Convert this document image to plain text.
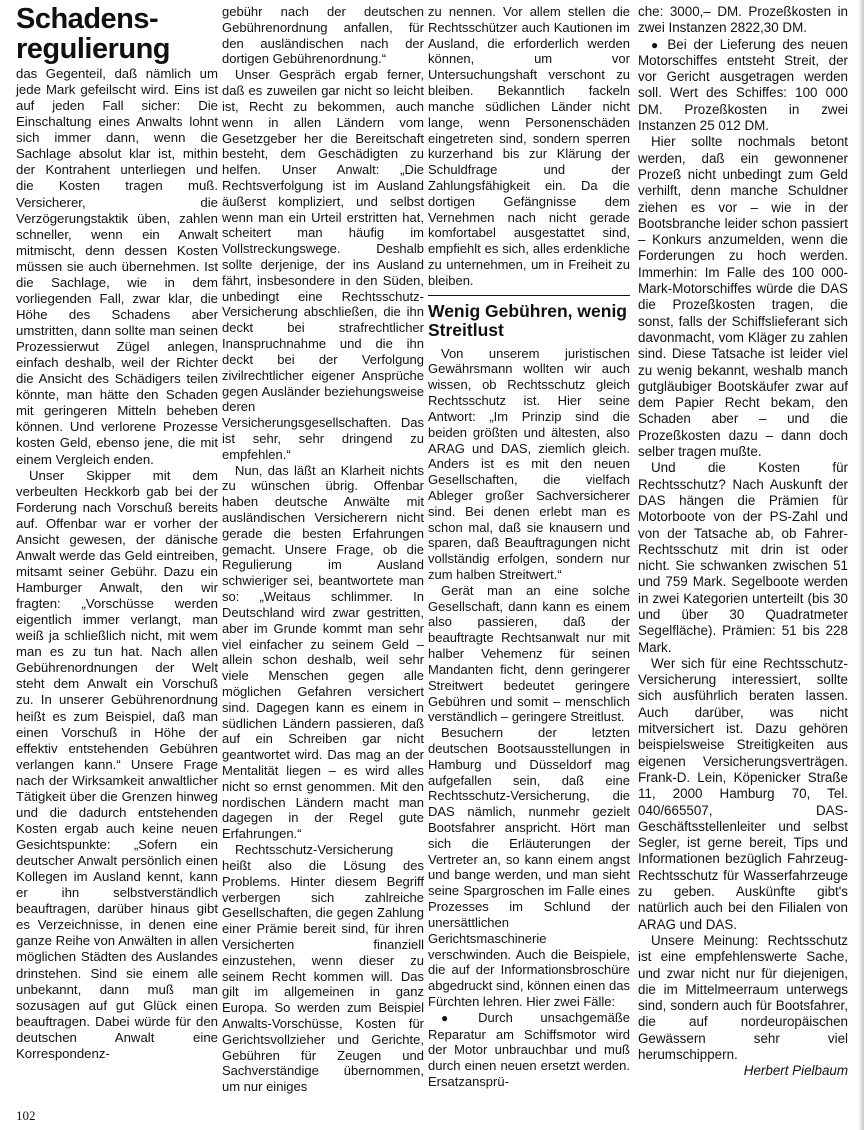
Schadens-
regulierung

das Gegenteil, daß nämlich um jede Mark gefeilscht wird. Eins ist auf jeden Fall sicher: Die Einschaltung eines Anwalts lohnt sich immer dann, wenn die Sachlage absolut klar ist, mithin der Kontrahent unterliegen und die Kosten tragen muß. Versicherer, die Verzögerungstaktik üben, zahlen schneller, wenn ein Anwalt mitmischt, denn dessen Kosten müssen sie auch übernehmen. Ist die Sachlage, wie in dem vorliegenden Fall, zwar klar, die Höhe des Schadens aber umstritten, dann sollte man seinen Prozessierwut Zügel anlegen, einfach deshalb, weil der Richter die Ansicht des Schädigers teilen könnte, man hätte den Schaden mit geringeren Mitteln beheben können. Und verlorene Prozesse kosten Geld, ebenso jene, die mit einem Vergleich enden.

Unser Skipper mit dem verbeulten Heckkorb gab bei der Forderung nach Vorschuß bereits auf. Offenbar war er vorher der Ansicht gewesen, der dänische Anwalt werde das Geld eintreiben, mitsamt seiner Gebühr. Dazu ein Hamburger Anwalt, den wir fragten: „Vorschüsse werden eigentlich immer verlangt, man weiß ja schließlich nicht, mit wem man es zu tun hat. Nach allen Gebührenordnungen der Welt steht dem Anwalt ein Vorschuß zu. In unserer Gebührenordnung heißt es zum Beispiel, daß man einen Vorschuß in Höhe der effektiv entstehenden Gebühren verlangen kann.“ Unsere Frage nach der Wirksamkeit anwaltlicher Tätigkeit über die Grenzen hinweg und die dadurch entstehenden Kosten ergab auch keine neuen Gesichtspunkte: „Sofern ein deutscher Anwalt persönlich einen Kollegen im Ausland kennt, kann er ihn selbstverständlich beauftragen, darüber hinaus gibt es Verzeichnisse, in denen eine ganze Reihe von Anwälten in allen möglichen Städten des Auslandes drinstehen. Sind sie einem alle unbekannt, dann muß man sozusagen auf gut Glück einen beauftragen. Dabei würde für den deutschen Anwalt eine Korrespondenz-

gebühr nach der deutschen Gebührenordnung anfallen, für den ausländischen nach der dortigen Gebührenordnung.“

Unser Gespräch ergab ferner, daß es zuweilen gar nicht so leicht ist, Recht zu bekommen, auch wenn in allen Ländern vom Gesetzgeber her die Bereitschaft besteht, dem Geschädigten zu helfen. Unser Anwalt: „Die Rechtsverfolgung ist im Ausland äußerst kompliziert, und selbst wenn man ein Urteil erstritten hat, scheitert man häufig im Vollstreckungswege. Deshalb sollte derjenige, der ins Ausland fährt, insbesondere in den Süden, unbedingt eine Rechtsschutz-Versicherung abschließen, die ihn deckt bei strafrechtlicher Inanspruchnahme und die ihn deckt bei der Verfolgung zivilrechtlicher eigener Ansprüche gegen Ausländer beziehungsweise deren Versicherungsgesellschaften. Das ist sehr, sehr dringend zu empfehlen.“

Nun, das läßt an Klarheit nichts zu wünschen übrig. Offenbar haben deutsche Anwälte mit ausländischen Versicherern nicht gerade die besten Erfahrungen gemacht. Unsere Frage, ob die Regulierung im Ausland schwieriger sei, beantwortete man so: „Weitaus schlimmer. In Deutschland wird zwar gestritten, aber im Grunde kommt man sehr viel einfacher zu seinem Geld – allein schon deshalb, weil sehr viele Menschen gegen alle möglichen Gefahren versichert sind. Dagegen kann es einem in südlichen Ländern passieren, daß auf ein Schreiben gar nicht geantwortet wird. Das mag an der Mentalität liegen – es wird alles nicht so ernst genommen. Mit den nordischen Ländern macht man dagegen in der Regel gute Erfahrungen.“

Rechtsschutz-Versicherung heißt also die Lösung des Problems. Hinter diesem Begriff verbergen sich zahlreiche Gesellschaften, die gegen Zahlung einer Prämie bereit sind, für ihren Versicherten finanziell einzustehen, wenn dieser zu seinem Recht kommen will. Das gilt im allgemeinen in ganz Europa. So werden zum Beispiel Anwalts-Vorschüsse, Kosten für Gerichtsvollzieher und Gerichte, Gebühren für Zeugen und Sachverständige übernommen, um nur einiges

zu nennen. Vor allem stellen die Rechtsschützer auch Kautionen im Ausland, die erforderlich werden können, um vor Untersuchungshaft verschont zu bleiben. Bekanntlich fackeln manche südlichen Länder nicht lange, wenn Personenschäden eingetreten sind, sondern sperren kurzerhand bis zur Klärung der Schuldfrage und der Zahlungsfähigkeit ein. Da die dortigen Gefängnisse dem Vernehmen nach nicht gerade komfortabel ausgestattet sind, empfiehlt es sich, alles erdenkliche zu unternehmen, um in Freiheit zu bleiben.

Wenig Gebühren, wenig Streitlust

Von unserem juristischen Gewährsmann wollten wir auch wissen, ob Rechtsschutz gleich Rechtsschutz ist. Hier seine Antwort: „Im Prinzip sind die beiden größten und ältesten, also ARAG und DAS, ziemlich gleich. Anders ist es mit den neuen Gesellschaften, die vielfach Ableger großer Sachversicherer sind. Bei denen erlebt man es schon mal, daß sie knausern und sparen, daß Beauftragungen nicht vollständig erfolgen, sondern nur zum halben Streitwert.“

Gerät man an eine solche Gesellschaft, dann kann es einem also passieren, daß der beauftragte Rechtsanwalt nur mit halber Vehemenz für seinen Mandanten ficht, denn geringerer Streitwert bedeutet geringere Gebühren und somit – menschlich verständlich – geringere Streitlust.

Besuchern der letzten deutschen Bootsausstellungen in Hamburg und Düsseldorf mag aufgefallen sein, daß eine Rechtsschutz-Versicherung, die DAS nämlich, nunmehr gezielt Bootsfahrer anspricht. Hört man sich die Erläuterungen der Vertreter an, so kann einem angst und bange werden, und man sieht seine Spargroschen im Falle eines Prozesses im Schlund der unersättlichen Gerichtsmaschinerie verschwinden. Auch die Beispiele, die auf der Informationsbroschüre abgedruckt sind, können einen das Fürchten lehren. Hier zwei Fälle:

● Durch unsachgemäße Reparatur am Schiffsmotor wird der Motor unbrauchbar und muß durch einen neuen ersetzt werden. Ersatzansprü-

che: 3000,– DM. Prozeßkosten in zwei Instanzen 2822,30 DM.

● Bei der Lieferung des neuen Motorschiffes entsteht Streit, der vor Gericht ausgetragen werden soll. Wert des Schiffes: 100 000 DM. Prozeßkosten in zwei Instanzen 25 012 DM.

Hier sollte nochmals betont werden, daß ein gewonnener Prozeß nicht unbedingt zum Geld verhilft, denn manche Schuldner ziehen es vor – wie in der Bootsbranche leider schon passiert – Konkurs anzumelden, wenn die Forderungen zu hoch werden. Immerhin: Im Falle des 100 000-Mark-Motorschiffes würde die DAS die Prozeßkosten tragen, die sonst, falls der Schiffslieferant sich davonmacht, vom Kläger zu zahlen sind. Diese Tatsache ist leider viel zu wenig bekannt, weshalb manch gutgläubiger Bootskäufer zwar auf dem Papier Recht bekam, den Schaden aber – und die Prozeßkosten dazu – dann doch selber tragen mußte.

Und die Kosten für Rechtsschutz? Nach Auskunft der DAS hängen die Prämien für Motorboote von der PS-Zahl und von der Tatsache ab, ob Fahrer-Rechtsschutz mit drin ist oder nicht. Sie schwanken zwischen 51 und 759 Mark. Segelboote werden in zwei Kategorien unterteilt (bis 30 und über 30 Quadratmeter Segelfläche). Prämien: 51 bis 228 Mark.

Wer sich für eine Rechtsschutz-Versicherung interessiert, sollte sich ausführlich beraten lassen. Auch darüber, was nicht mitversichert ist. Dazu gehören beispielsweise Streitigkeiten aus eigenen Versicherungsverträgen. Frank-D. Lein, Köpenicker Straße 11, 2000 Hamburg 70, Tel. 040/665507, DAS-Geschäftsstellenleiter und selbst Segler, ist gerne bereit, Tips und Informationen bezüglich Fahrzeug-Rechtsschutz für Wasserfahrzeuge zu geben. Auskünfte gibt's natürlich auch bei den Filialen von ARAG und DAS.

Unsere Meinung: Rechtsschutz ist eine empfehlenswerte Sache, und zwar nicht nur für diejenigen, die im Mittelmeerraum unterwegs sind, sondern auch für Bootsfahrer, die auf nordeuropäischen Gewässern sehr viel herumschippern.

Herbert Pielbaum

102
